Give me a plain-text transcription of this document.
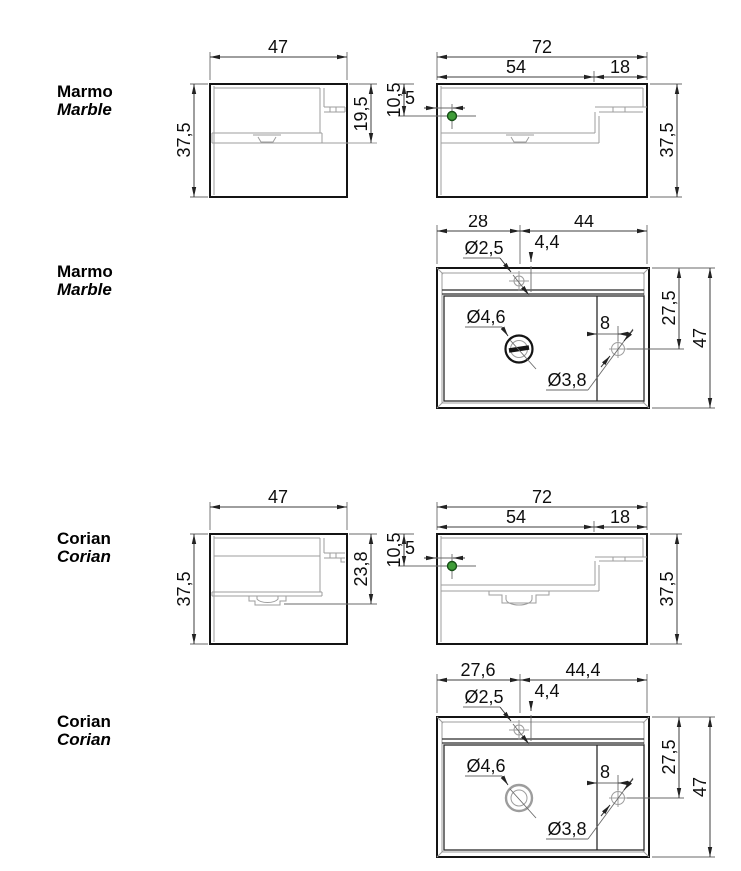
Marmo
Marble
Marmo
Marble
Corian
Corian
Corian
Corian
47
37,5
19,5
72
54	18
5
10,5
37,5
28	44
4,4
Ø2,5
Ø4,6
Ø3,8
8	27,5
47
47
37,5
23,8
72
54	18
5
10,5
37,5
27,6	44,4
4,4
Ø2,5
Ø4,6
Ø3,8
8	27,5
47
